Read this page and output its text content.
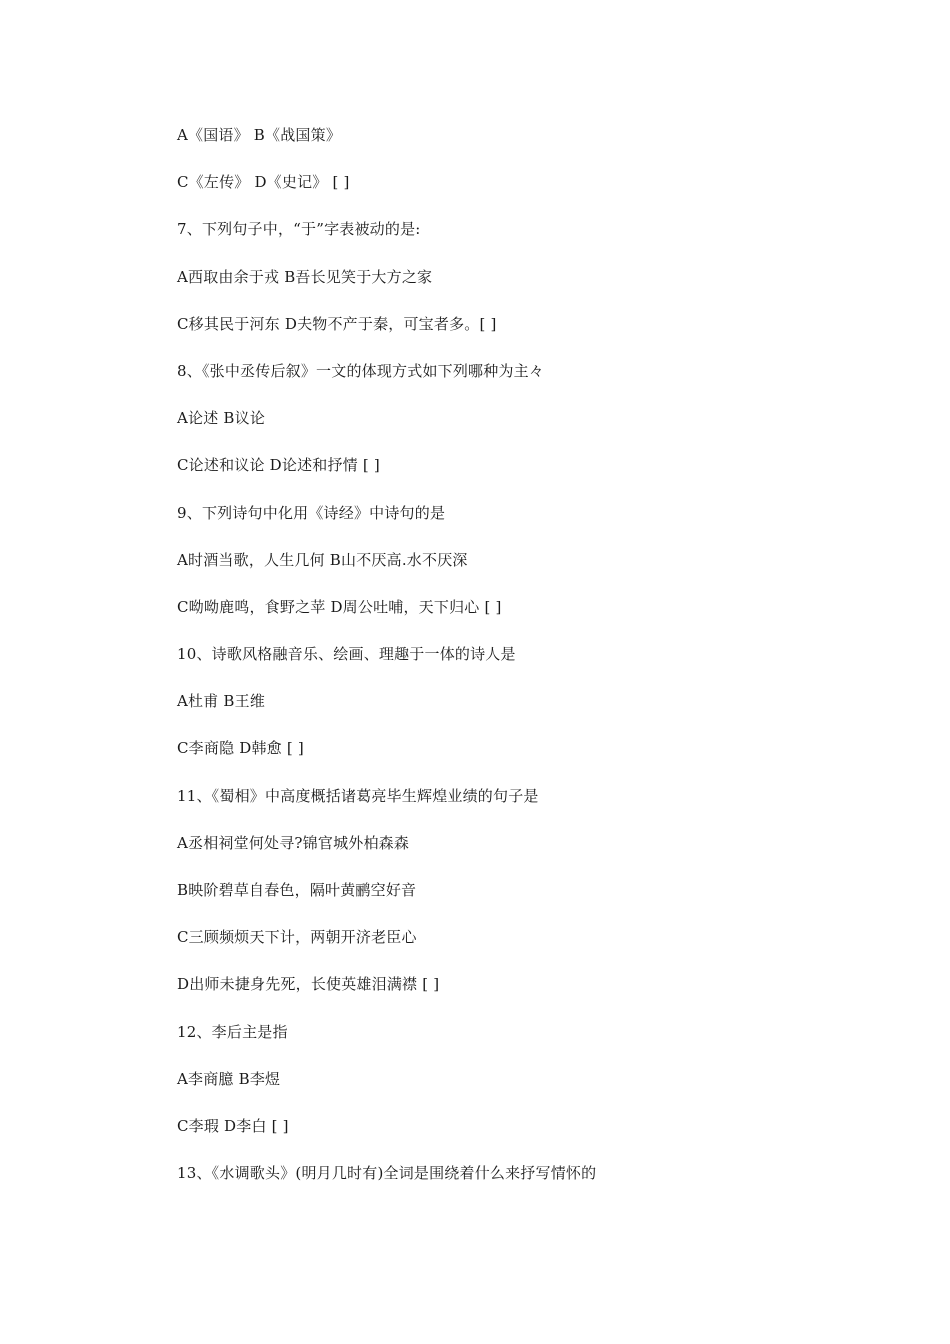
A《国语》 B《战国策》
C《左传》 D《史记》 [ ]
7、下列句子中，“于”字表被动的是:
A西取由余于戎 B吾长见笑于大方之家
C移其民于河东 D夫物不产于秦，可宝者多。[ ]
8、《张中丞传后叙》一文的体现方式如下列哪种为主々
A论述 B议论
C论述和议论 D论述和抒情 [ ]
9、下列诗句中化用《诗经》中诗句的是
A时酒当歌，人生几何 B山不厌高.水不厌深
C呦呦鹿鸣，食野之苹 D周公吐哺，天下归心 [ ]
10、诗歌风格融音乐、绘画、理趣于一体的诗人是
A杜甫 B王维
C李商隐 D韩愈 [ ]
11、《蜀相》中高度概括诸葛亮毕生辉煌业绩的句子是
A丞相祠堂何处寻?锦官城外柏森森
B映阶碧草自春色，隔叶黄鹂空好音
C三顾频烦天下计，两朝开济老臣心
D出师未捷身先死，长使英雄泪满襟 [ ]
12、李后主是指
A李商臆 B李煜
C李瑕 D李白 [ ]
13、《水调歌头》(明月几时有)全词是围绕着什么来抒写情怀的
